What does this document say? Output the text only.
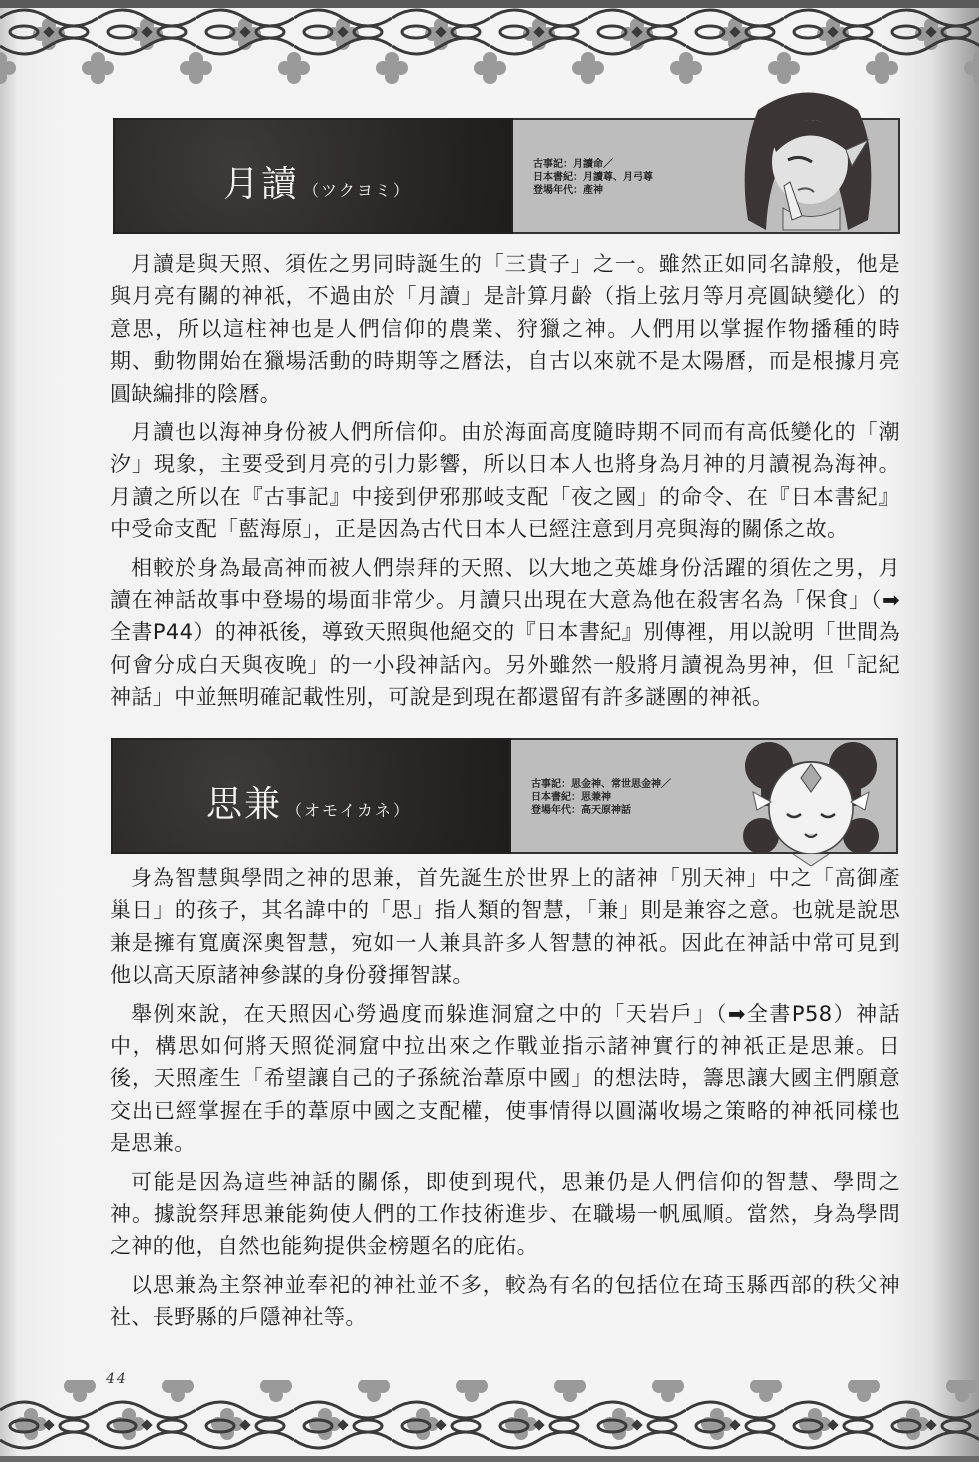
月讀 （ツクヨミ）
古事記：月讀命／
日本書紀：月讀尊、月弓尊
登場年代：產神

月讀是與天照、須佐之男同時誕生的「三貴子」之一。雖然正如同名諱般，他是與月亮有關的神祇，不過由於「月讀」是計算月齡（指上弦月等月亮圓缺變化）的意思，所以這柱神也是人們信仰的農業、狩獵之神。人們用以掌握作物播種的時期、動物開始在獵場活動的時期等之曆法，自古以來就不是太陽曆，而是根據月亮圓缺編排的陰曆。

月讀也以海神身份被人們所信仰。由於海面高度隨時期不同而有高低變化的「潮汐」現象，主要受到月亮的引力影響，所以日本人也將身為月神的月讀視為海神。月讀之所以在『古事記』中接到伊邪那岐支配「夜之國」的命令、在『日本書紀』中受命支配「藍海原」，正是因為古代日本人已經注意到月亮與海的關係之故。

相較於身為最高神而被人們崇拜的天照、以大地之英雄身份活躍的須佐之男，月讀在神話故事中登場的場面非常少。月讀只出現在大意為他在殺害名為「保食」（➡全書P44）的神祇後，導致天照與他絕交的『日本書紀』別傳裡，用以說明「世間為何會分成白天與夜晚」的一小段神話內。另外雖然一般將月讀視為男神，但「記紀神話」中並無明確記載性別，可說是到現在都還留有許多謎團的神祇。

思兼 （オモイカネ）
古事記：思金神、常世思金神／
日本書紀：思兼神
登場年代：高天原神話

身為智慧與學問之神的思兼，首先誕生於世界上的諸神「別天神」中之「高御產巢日」的孩子，其名諱中的「思」指人類的智慧，「兼」則是兼容之意。也就是說思兼是擁有寬廣深奧智慧，宛如一人兼具許多人智慧的神祇。因此在神話中常可見到他以高天原諸神參謀的身份發揮智謀。

舉例來說，在天照因心勞過度而躲進洞窟之中的「天岩戶」（➡全書P58）神話中，構思如何將天照從洞窟中拉出來之作戰並指示諸神實行的神祇正是思兼。日後，天照產生「希望讓自己的子孫統治葦原中國」的想法時，籌思讓大國主們願意交出已經掌握在手的葦原中國之支配權，使事情得以圓滿收場之策略的神祇同樣也是思兼。

可能是因為這些神話的關係，即使到現代，思兼仍是人們信仰的智慧、學問之神。據說祭拜思兼能夠使人們的工作技術進步、在職場一帆風順。當然，身為學問之神的他，自然也能夠提供金榜題名的庇佑。

以思兼為主祭神並奉祀的神社並不多，較為有名的包括位在琦玉縣西部的秩父神社、長野縣的戶隱神社等。

44
